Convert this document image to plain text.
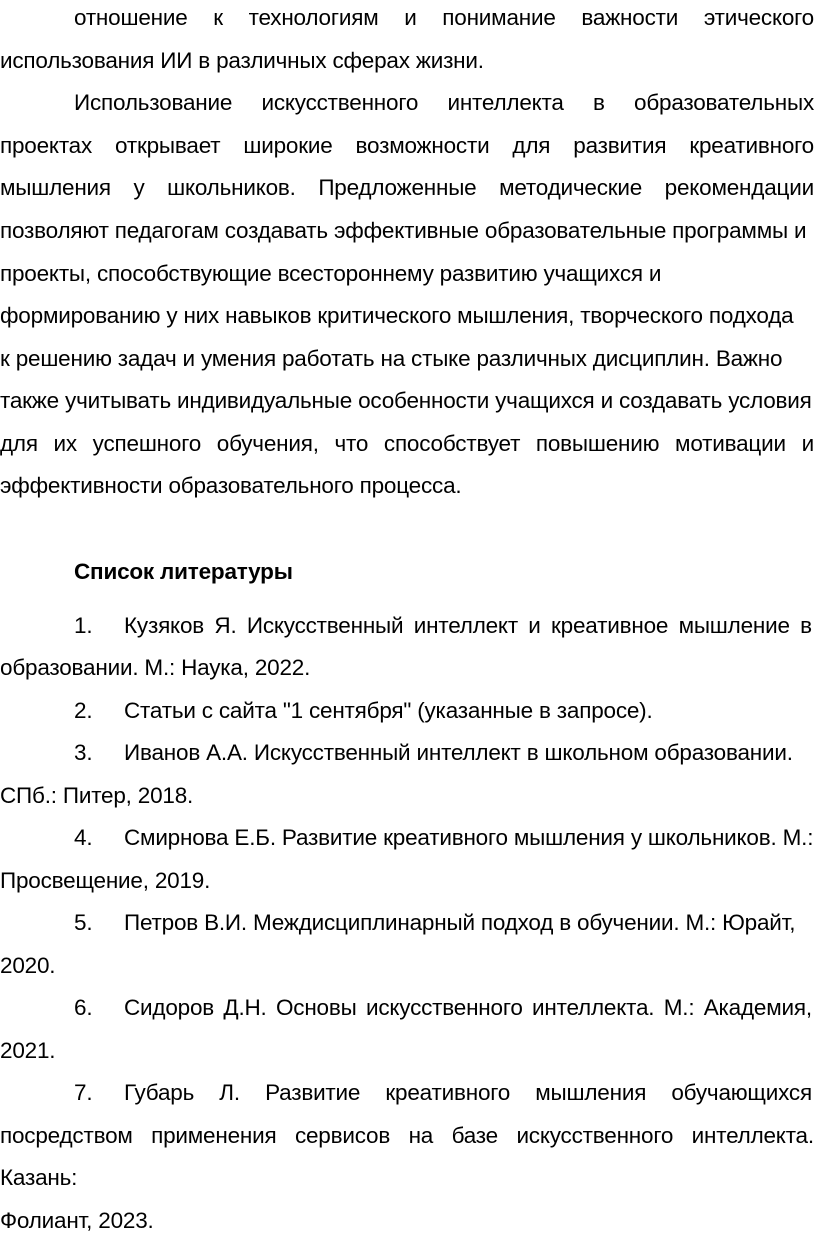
отношение к технологиям и понимание важности этического
использования ИИ в различных сферах жизни.
Использование искусственного интеллекта в образовательных
проектах открывает широкие возможности для развития креативного
мышления у школьников. Предложенные методические рекомендации
позволяют педагогам создавать эффективные образовательные программы и
проекты, способствующие всестороннему развитию учащихся и
формированию у них навыков критического мышления, творческого подхода
к решению задач и умения работать на стыке различных дисциплин. Важно
также учитывать индивидуальные особенности учащихся и создавать условия
для их успешного обучения, что способствует повышению мотивации и
эффективности образовательного процесса.
Список литературы
1. Кузяков Я. Искусственный интеллект и креативное мышление в
образовании. М.: Наука, 2022.
2. Статьи с сайта "1 сентября" (указанные в запросе).
3. Иванов А.А. Искусственный интеллект в школьном образовании.
СПб.: Питер, 2018.
4. Смирнова Е.Б. Развитие креативного мышления у школьников. М.:
Просвещение, 2019.
5. Петров В.И. Междисциплинарный подход в обучении. М.: Юрайт,
2020.
6. Сидоров Д.Н. Основы искусственного интеллекта. М.: Академия,
2021.
7. Губарь Л. Развитие креативного мышления обучающихся
посредством применения сервисов на базе искусственного интеллекта.
Казань:
Фолиант, 2023.
